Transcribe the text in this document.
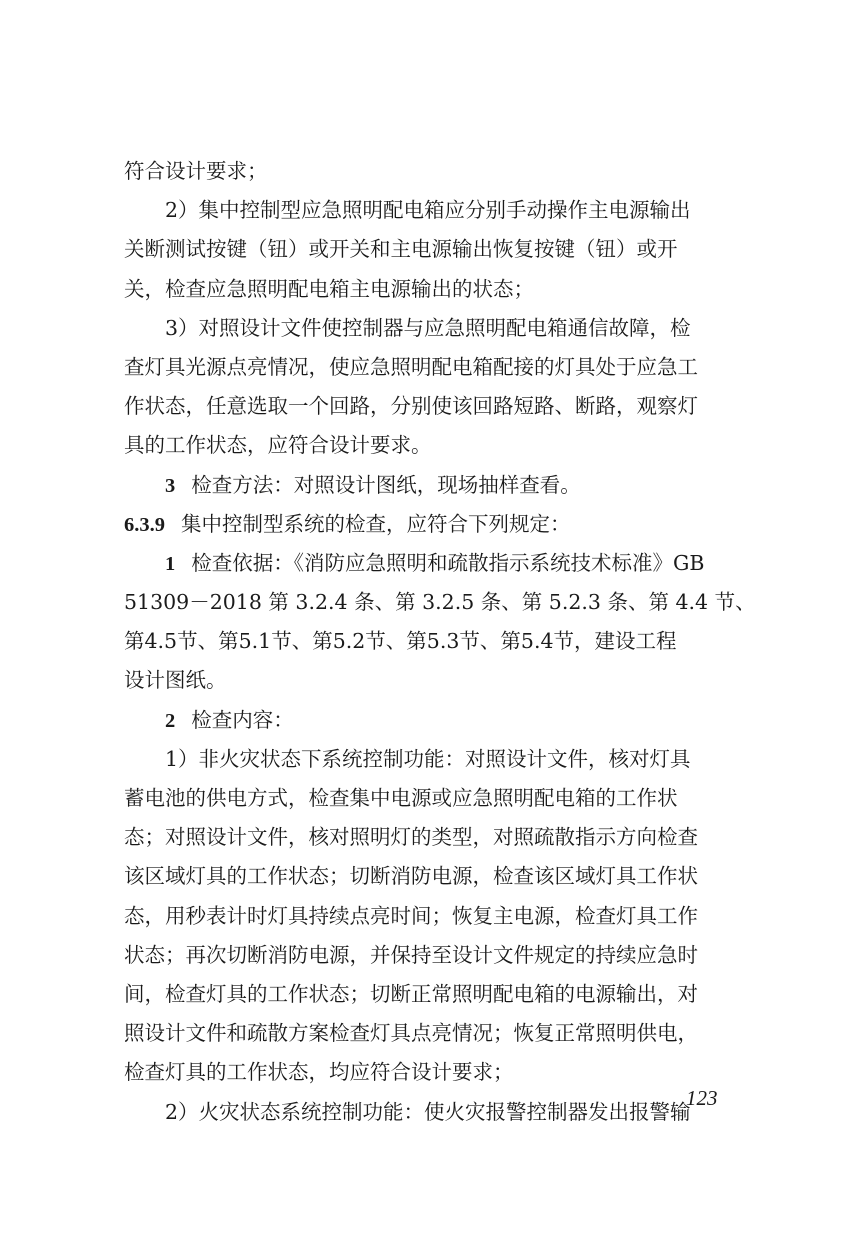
符合设计要求；
2）集中控制型应急照明配电箱应分别手动操作主电源输出
关断测试按键（钮）或开关和主电源输出恢复按键（钮）或开
关，检查应急照明配电箱主电源输出的状态；
3）对照设计文件使控制器与应急照明配电箱通信故障，检
查灯具光源点亮情况，使应急照明配电箱配接的灯具处于应急工
作状态，任意选取一个回路，分别使该回路短路、断路，观察灯
具的工作状态，应符合设计要求。
3 检查方法：对照设计图纸，现场抽样查看。
6.3.9 集中控制型系统的检查，应符合下列规定：
1 检查依据：《消防应急照明和疏散指示系统技术标准》GB
51309－2018 第 3.2.4 条、第 3.2.5 条、第 5.2.3 条、第 4.4 节、
第4.5节、第5.1节、第5.2节、第5.3节、第5.4节，建设工程
设计图纸。
2 检查内容：
1）非火灾状态下系统控制功能：对照设计文件，核对灯具
蓄电池的供电方式，检查集中电源或应急照明配电箱的工作状
态；对照设计文件，核对照明灯的类型，对照疏散指示方向检查
该区域灯具的工作状态；切断消防电源，检查该区域灯具工作状
态，用秒表计时灯具持续点亮时间；恢复主电源，检查灯具工作
状态；再次切断消防电源，并保持至设计文件规定的持续应急时
间，检查灯具的工作状态；切断正常照明配电箱的电源输出，对
照设计文件和疏散方案检查灯具点亮情况；恢复正常照明供电，
检查灯具的工作状态，均应符合设计要求；
2）火灾状态系统控制功能：使火灾报警控制器发出报警输
123
